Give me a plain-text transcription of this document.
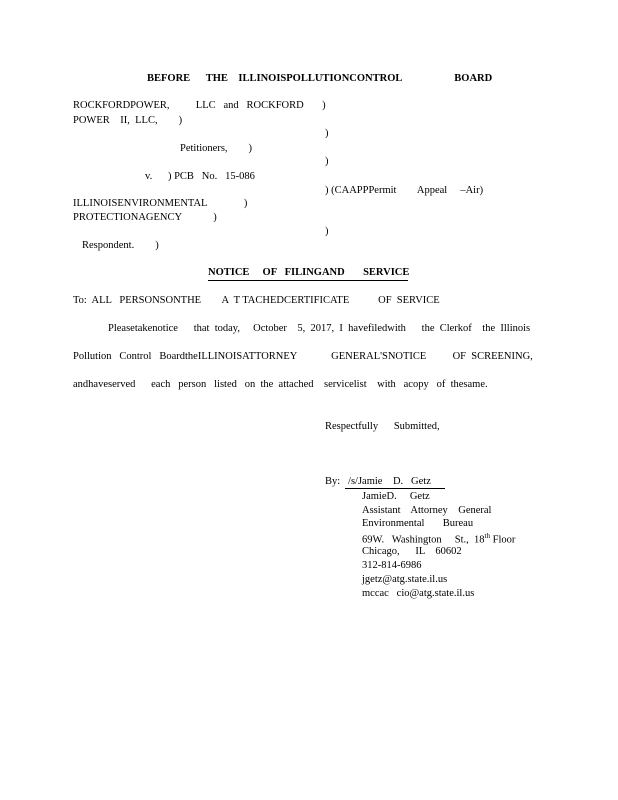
BEFORE      THE    ILLINOISPOLLUTIONCONTROL                    BOARD
ROCKFORDPOWER,          LLC   and   ROCKFORD       )
POWER    II,  LLC,        )
)
Petitioners,        )
)
v.      ) PCB   No.   15-086
) (CAAPPPermit        Appeal     –Air)
ILLINOISENVIRONMENTAL              )
PROTECTIONAGENCY            )
)
Respondent.        )
NOTICE     OF   FILINGAND       SERVICE
To:  ALL   PERSONSONTHE        A  T TACHEDCERTIFICATE           OF  SERVICE
Pleasetakenotice      that  today,     October    5,  2017,  I  havefiledwith      the  Clerkof    the  Illinois
Pollution   Control   BoardtheILLINOISATTORNEY             GENERAL'SNOTICE          OF  SCREENING,
andhaveserved      each   person   listed   on  the  attached    servicelist    with   acopy   of  thesame.
Respectfully      Submitted,
By:   /s/Jamie    D.   Getz
JamieD.     Getz
Assistant    Attorney    General
Environmental       Bureau
69W.   Washington     St.,  18th Floor
Chicago,      IL    60602
312-814-6986
jgetz@atg.state.il.us
mccac   cio@atg.state.il.us
